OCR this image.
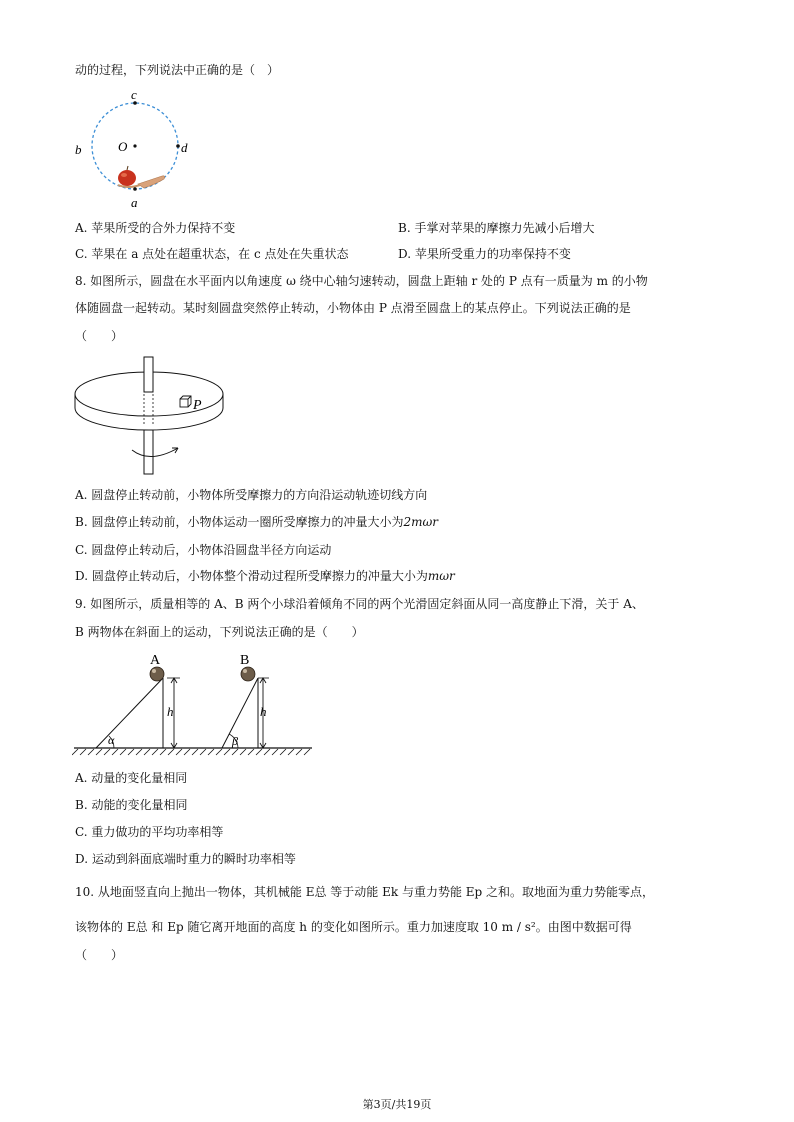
动的过程，下列说法中正确的是（　）
c
b	O	d
a
A. 苹果所受的合外力保持不变	B. 手掌对苹果的摩擦力先减小后增大
C. 苹果在 a 点处在超重状态，在 c 点处在失重状态	D. 苹果所受重力的功率保持不变
8. 如图所示，圆盘在水平面内以角速度 ω 绕中心轴匀速转动，圆盘上距轴 r 处的 P 点有一质量为 m 的小物
体随圆盘一起转动。某时刻圆盘突然停止转动，小物体由 P 点滑至圆盘上的某点停止。下列说法正确的是
（　　）
P
A. 圆盘停止转动前，小物体所受摩擦力的方向沿运动轨迹切线方向
B. 圆盘停止转动前，小物体运动一圈所受摩擦力的冲量大小为2mωr
C. 圆盘停止转动后，小物体沿圆盘半径方向运动
D. 圆盘停止转动后，小物体整个滑动过程所受摩擦力的冲量大小为mωr
9. 如图所示，质量相等的 A、B 两个小球沿着倾角不同的两个光滑固定斜面从同一高度静止下滑，关于 A、
B 两物体在斜面上的运动，下列说法正确的是（　　）
A	B
h	h
α	β
A. 动量的变化量相同
B. 动能的变化量相同
C. 重力做功的平均功率相等
D. 运动到斜面底端时重力的瞬时功率相等
10. 从地面竖直向上抛出一物体，其机械能 E总 等于动能 Ek 与重力势能 Ep 之和。取地面为重力势能零点，
该物体的 E总 和 Ep 随它离开地面的高度 h 的变化如图所示。重力加速度取 10 m / s²。由图中数据可得
（　　）
第3页/共19页
